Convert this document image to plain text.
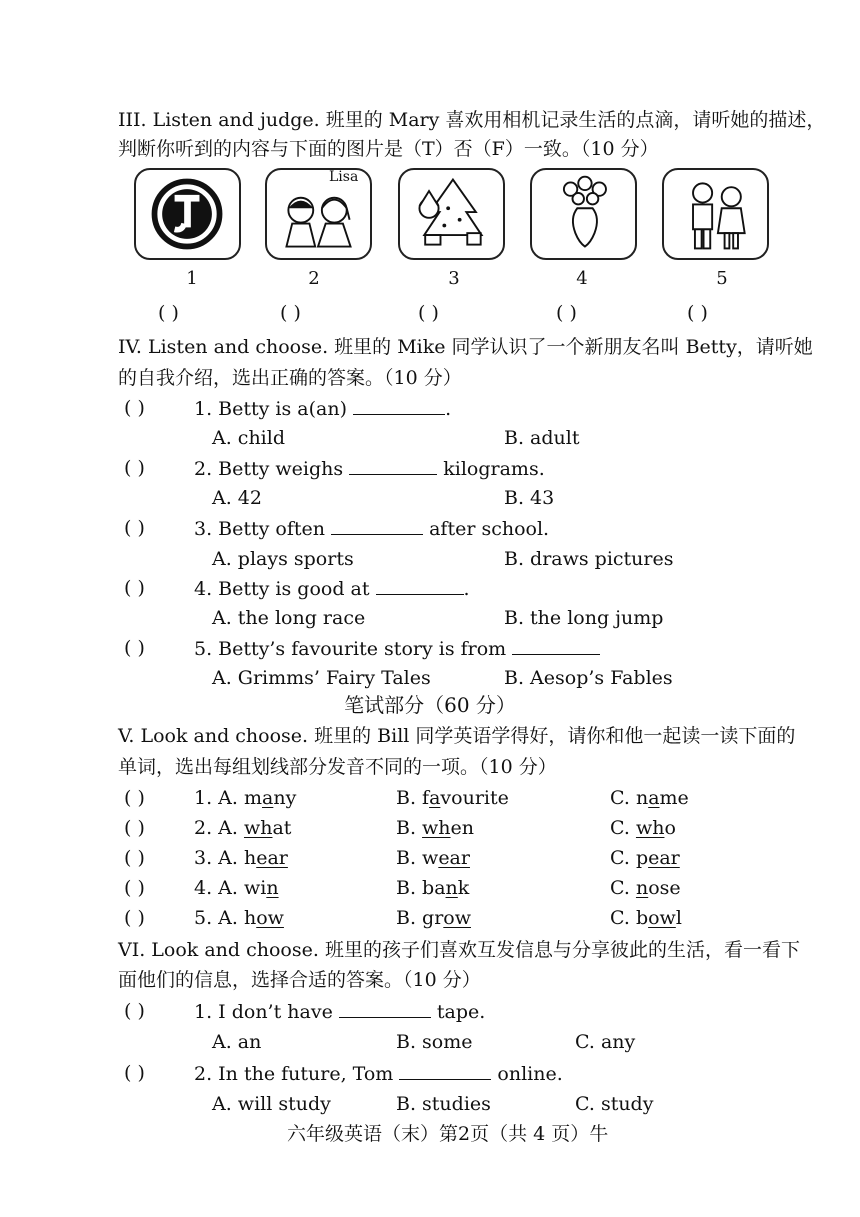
III. Listen and judge. 班里的 Mary 喜欢用相机记录生活的点滴，请听她的描述，
判断你听到的内容与下面的图片是（T）否（F）一致。（10 分）
Lisa
1	2	3	4	5
( )	( )	( )	( )	( )
IV. Listen and choose. 班里的 Mike 同学认识了一个新朋友名叫 Betty，请听她
的自我介绍，选出正确的答案。（10 分）
( )	1. Betty is a(an)	.
A. child	B. adult
( )	2. Betty weighs	kilograms.
A. 42	B. 43
( )	3. Betty often	after school.
A. plays sports	B. draws pictures
( )	4. Betty is good at	.
A. the long race	B. the long jump
( )	5. Betty’s favourite story is from
A. Grimms’ Fairy Tales	B. Aesop’s Fables
笔试部分（60 分）
V. Look and choose. 班里的 Bill 同学英语学得好，请你和他一起读一读下面的
单词，选出每组划线部分发音不同的一项。（10 分）
( )	1. A. many	B. favourite	C. name
( )	2. A. what	B. when	C. who
( )	3. A. hear	B. wear	C. pear
( )	4. A. win	B. bank	C. nose
( )	5. A. how	B. grow	C. bowl
VI. Look and choose. 班里的孩子们喜欢互发信息与分享彼此的生活，看一看下
面他们的信息，选择合适的答案。（10 分）
( )	1. I don’t have	tape.
A. an	B. some	C. any
( )	2. In the future, Tom	online.
A. will study	B. studies	C. study
六年级英语（末）第2页（共 4 页）牛
